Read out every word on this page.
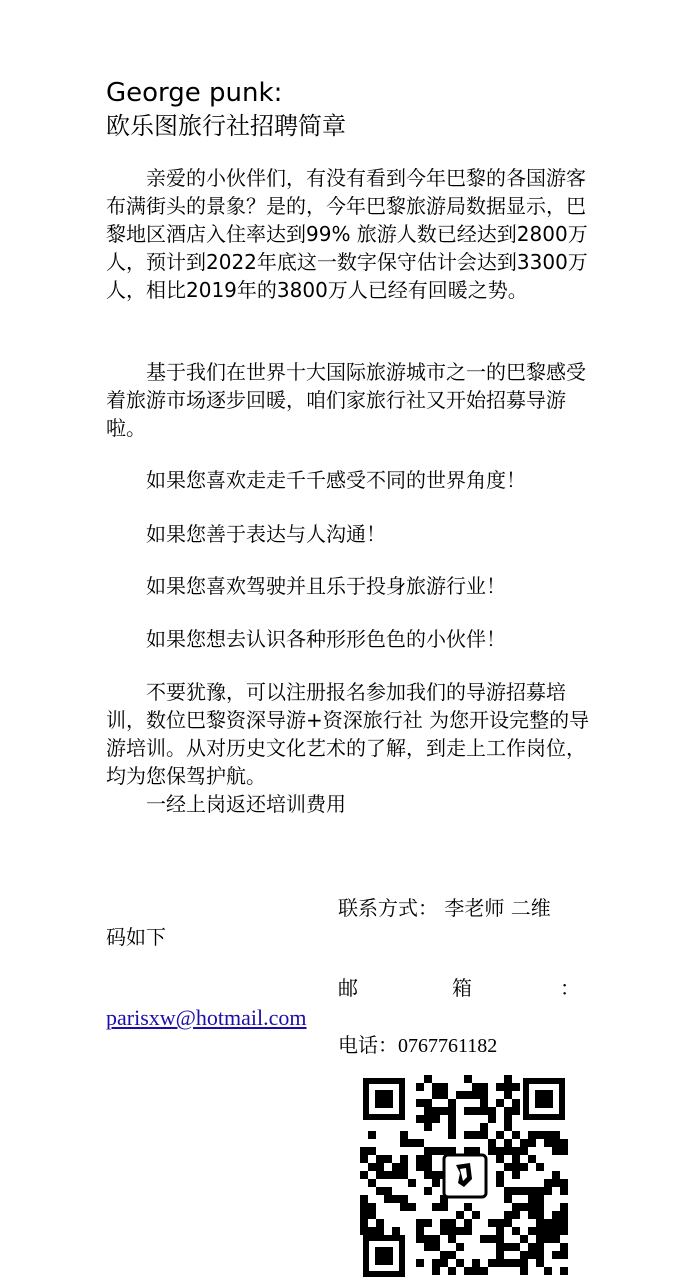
George punk:
欧乐图旅行社招聘简章
亲爱的小伙伴们，有没有看到今年巴黎的各国游客布满街头的景象？是的，今年巴黎旅游局数据显示，巴黎地区酒店入住率达到99% 旅游人数已经达到2800万人，预计到2022年底这一数字保守估计会达到3300万人，相比2019年的3800万人已经有回暖之势。
基于我们在世界十大国际旅游城市之一的巴黎感受着旅游市场逐步回暖，咱们家旅行社又开始招募导游啦。
如果您喜欢走走千千感受不同的世界角度！
如果您善于表达与人沟通！
如果您喜欢驾驶并且乐于投身旅游行业！
如果您想去认识各种形形色色的小伙伴！
不要犹豫，可以注册报名参加我们的导游招募培训，数位巴黎资深导游+资深旅行社 为您开设完整的导游培训。从对历史文化艺术的了解，到走上工作岗位，均为您保驾护航。
一经上岗返还培训费用
联系方式： 李老师 二维
码如下
邮	箱	：
parisxw@hotmail.com
电话：0767761182
